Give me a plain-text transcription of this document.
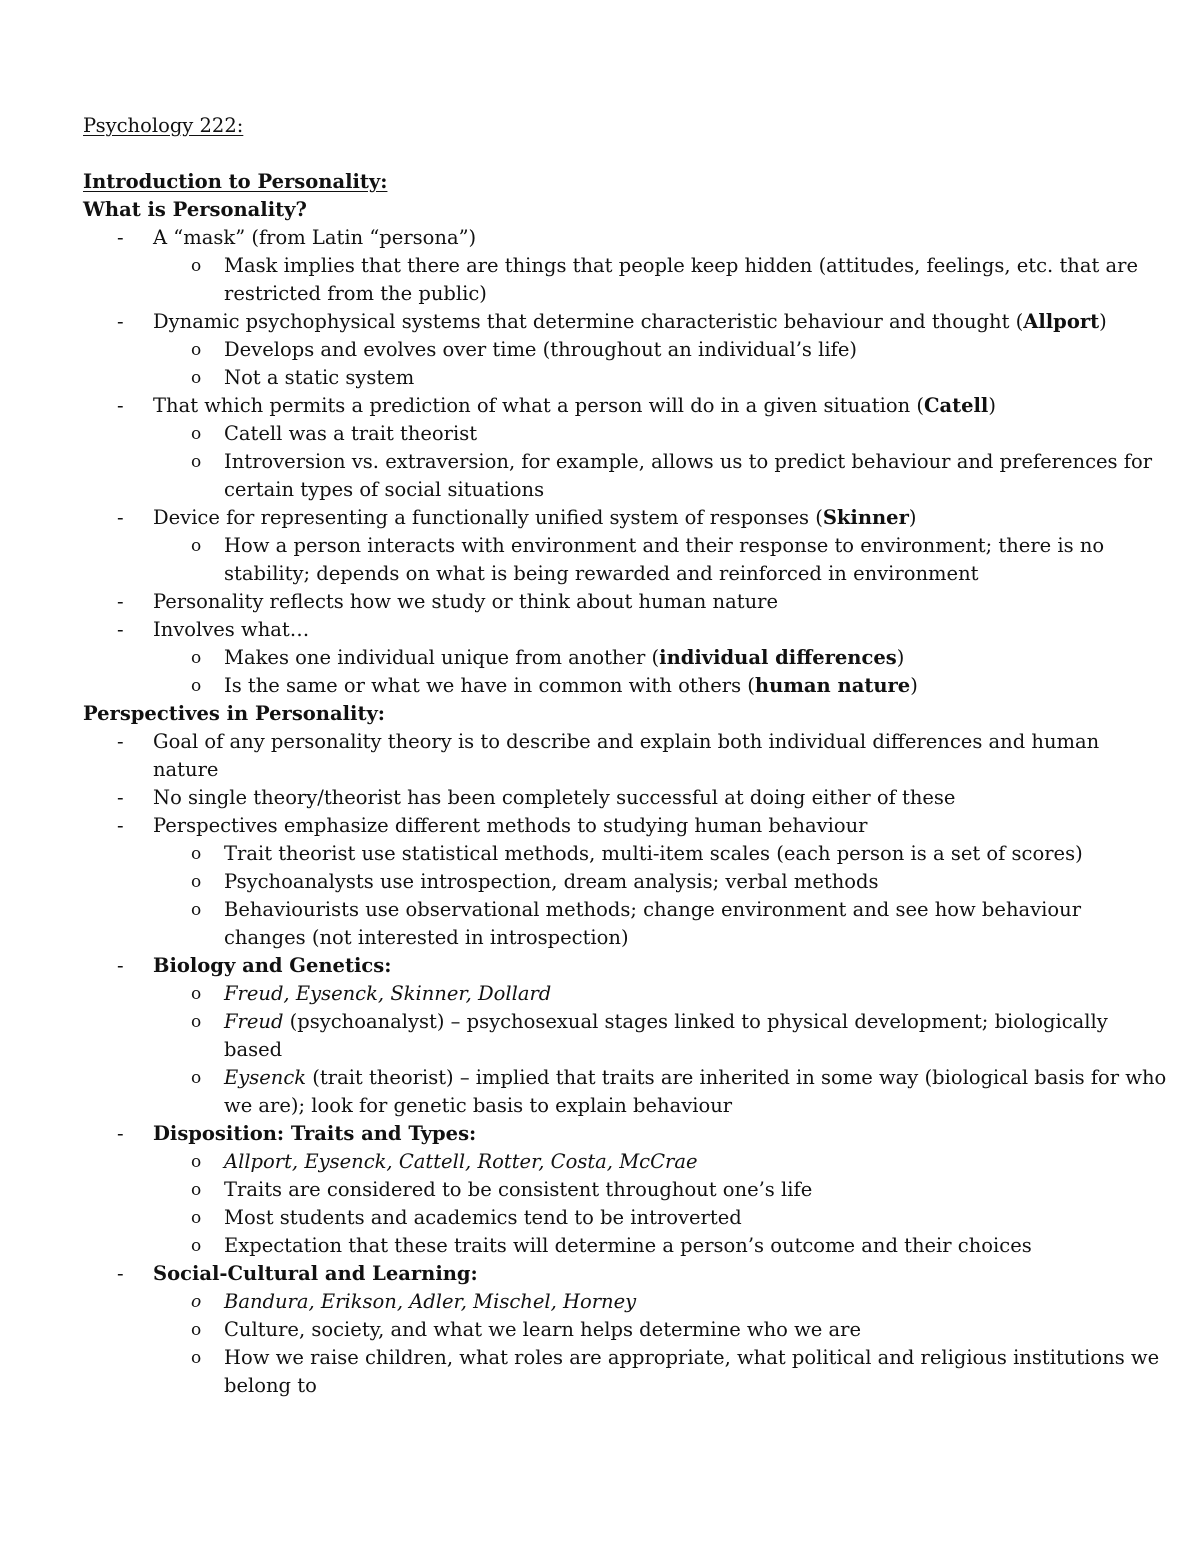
Psychology 222:
Introduction to Personality:
What is Personality?
- A “mask” (from Latin “persona”)
o Mask implies that there are things that people keep hidden (attitudes, feelings, etc. that are
restricted from the public)
- Dynamic psychophysical systems that determine characteristic behaviour and thought (Allport)
o Develops and evolves over time (throughout an individual’s life)
o Not a static system
- That which permits a prediction of what a person will do in a given situation (Catell)
o Catell was a trait theorist
o Introversion vs. extraversion, for example, allows us to predict behaviour and preferences for
certain types of social situations
- Device for representing a functionally unified system of responses (Skinner)
o How a person interacts with environment and their response to environment; there is no
stability; depends on what is being rewarded and reinforced in environment
- Personality reflects how we study or think about human nature
- Involves what…
o Makes one individual unique from another (individual differences)
o Is the same or what we have in common with others (human nature)
Perspectives in Personality:
- Goal of any personality theory is to describe and explain both individual differences and human
nature
- No single theory/theorist has been completely successful at doing either of these
- Perspectives emphasize different methods to studying human behaviour
o Trait theorist use statistical methods, multi-item scales (each person is a set of scores)
o Psychoanalysts use introspection, dream analysis; verbal methods
o Behaviourists use observational methods; change environment and see how behaviour
changes (not interested in introspection)
- Biology and Genetics:
o Freud, Eysenck, Skinner, Dollard
o Freud (psychoanalyst) – psychosexual stages linked to physical development; biologically
based
o Eysenck (trait theorist) – implied that traits are inherited in some way (biological basis for who
we are); look for genetic basis to explain behaviour
- Disposition: Traits and Types:
o Allport, Eysenck, Cattell, Rotter, Costa, McCrae
o Traits are considered to be consistent throughout one’s life
o Most students and academics tend to be introverted
o Expectation that these traits will determine a person’s outcome and their choices
- Social-Cultural and Learning:
o Bandura, Erikson, Adler, Mischel, Horney
o Culture, society, and what we learn helps determine who we are
o How we raise children, what roles are appropriate, what political and religious institutions we
belong to
